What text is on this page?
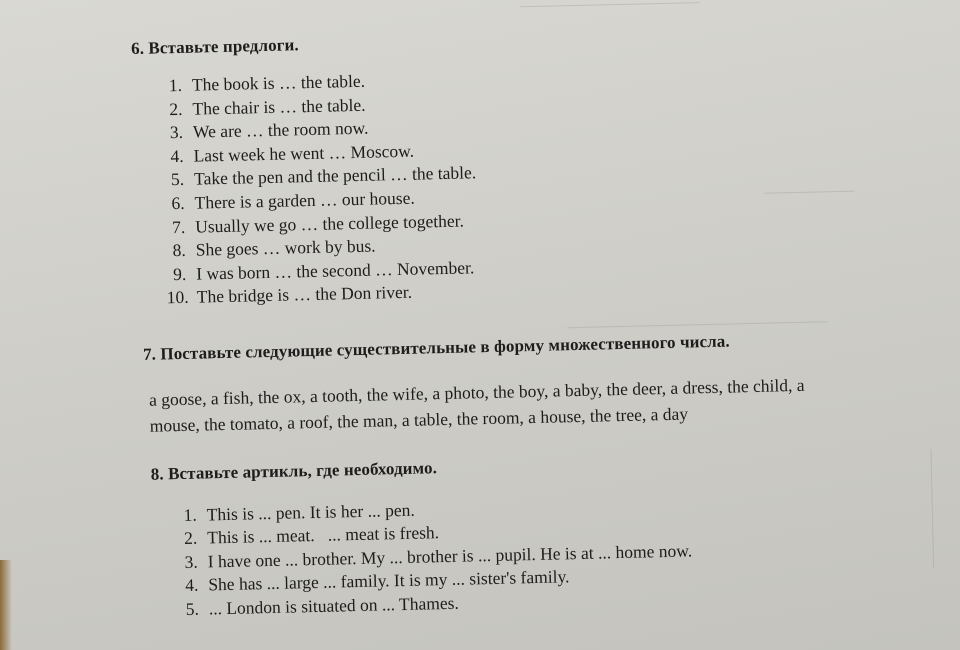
6. Вставьте предлоги.
1. The book is … the table.
2. The chair is … the table.
3. We are … the room now.
4. Last week he went … Moscow.
5. Take the pen and the pencil … the table.
6. There is a garden … our house.
7. Usually we go … the college together.
8. She goes … work by bus.
9. I was born … the second … November.
10. The bridge is … the Don river.
7. Поставьте следующие существительные в форму множественного числа.
a goose, a fish, the ox, a tooth, the wife, a photo, the boy, a baby, the deer, a dress, the child, a
mouse, the tomato, a roof, the man, a table, the room, a house, the tree, a day
8. Вставьте артикль, где необходимо.
1. This is ... pen. It is her ... pen.
2. This is ... meat.   ... meat is fresh.
3. I have one ... brother. My ... brother is ... pupil. He is at ... home now.
4. She has ... large ... family. It is my ... sister's family.
5. ... London is situated on ... Thames.
